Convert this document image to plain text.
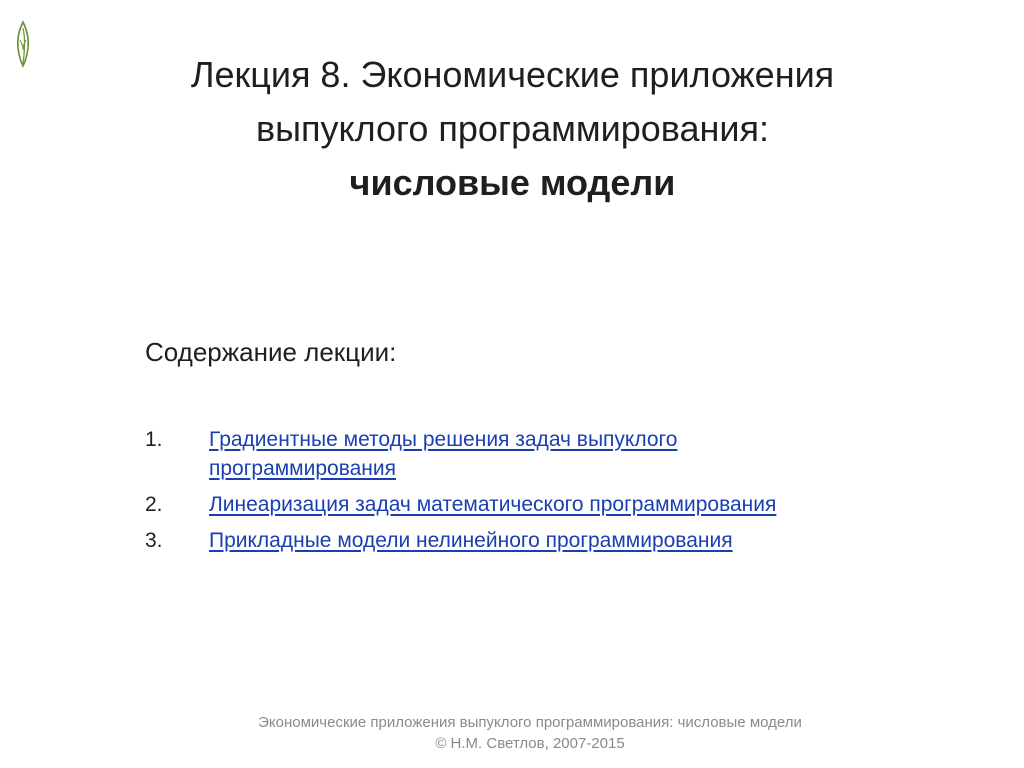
Лекция 8. Экономические приложения
выпуклого программирования:
числовые модели
Содержание лекции:
1.	Градиентные методы решения задач выпуклого программирования
2.	Линеаризация задач математического программирования
3.	Прикладные модели нелинейного программирования
Экономические приложения выпуклого программирования: числовые модели
© Н.М. Светлов, 2007-2015
